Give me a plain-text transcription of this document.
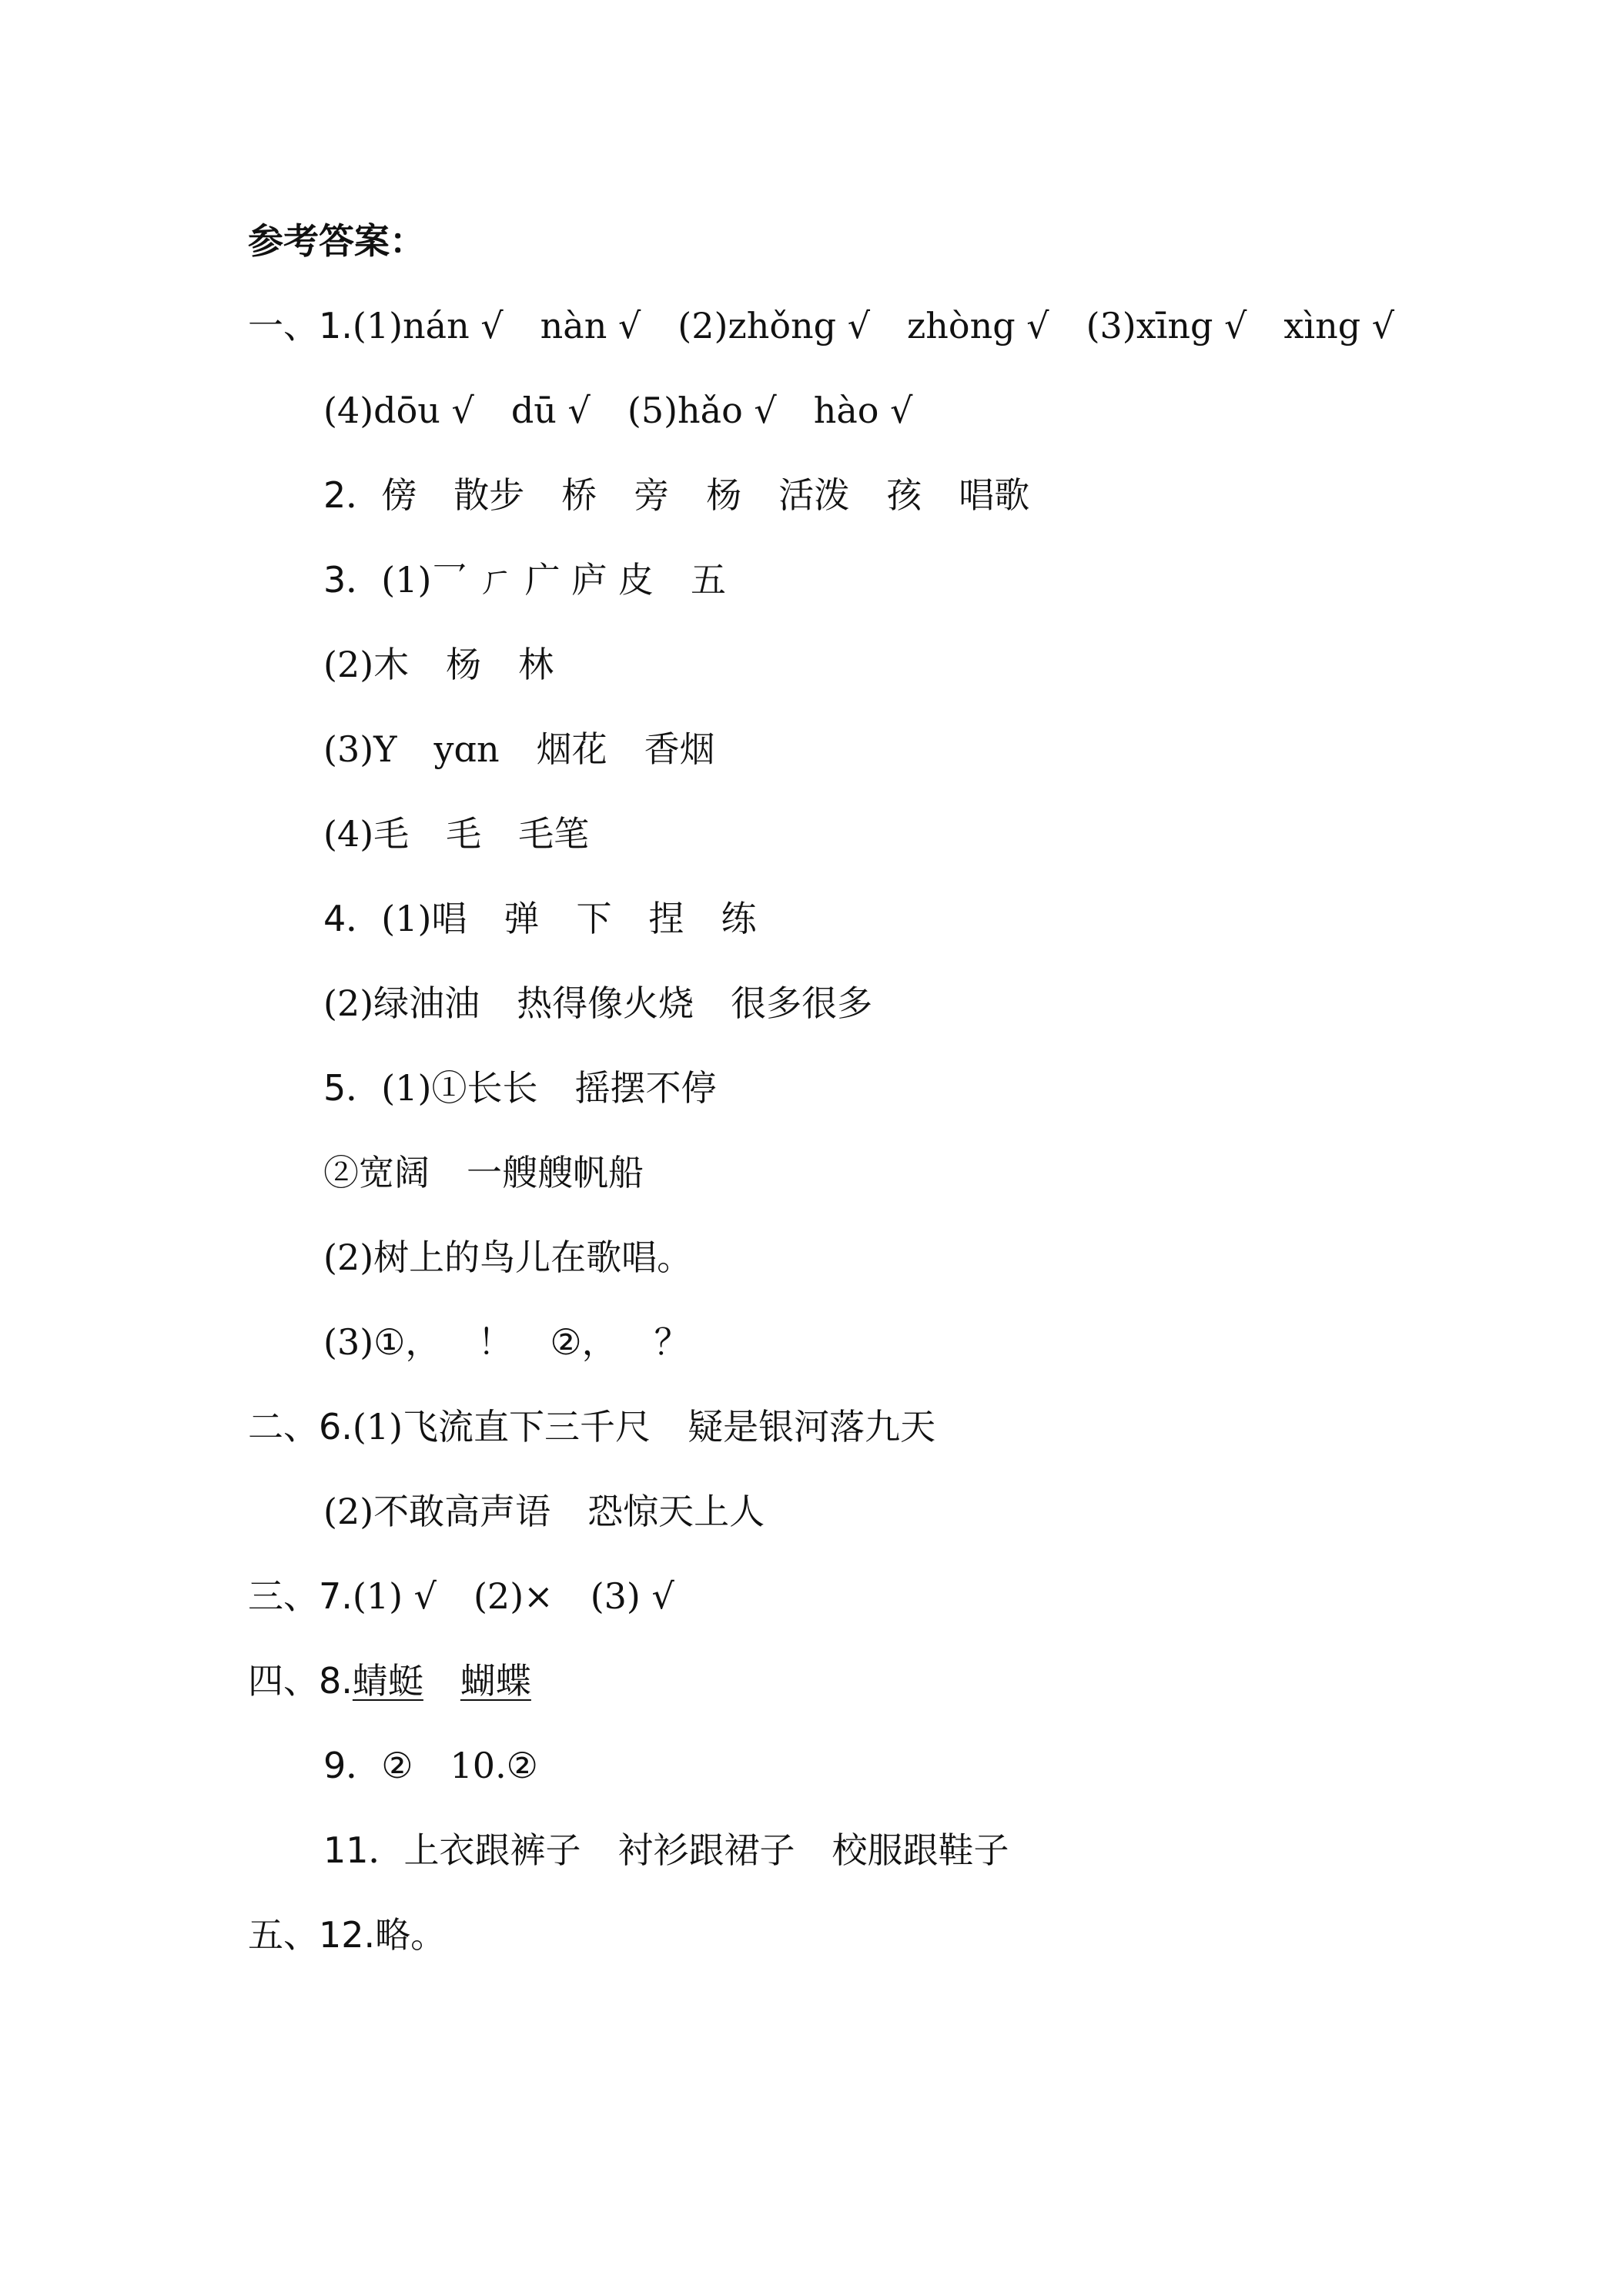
参考答案：
一、1.(1)nán √ nàn √ (2)zhǒng √ zhòng √ (3)xīng √ xìng √
(4)dōu √ dū √ (5)hǎo √ hào √
2．傍 散步 桥 旁 杨 活泼 孩 唱歌
3．(1)乛 ㄏ 广 庐 皮 五
(2)木 杨 林
(3)Y yɑn 烟花 香烟
(4)毛 毛 毛笔
4．(1)唱 弹 下 捏 练
(2)绿油油 热得像火烧 很多很多
5．(1)①长长 摇摆不停
②宽阔 一艘艘帆船
(2)树上的鸟儿在歌唱。
(3)①， ！ ②， ？
二、6.(1)飞流直下三千尺 疑是银河落九天
(2)不敢高声语 恐惊天上人
三、7.(1) √ (2)× (3) √
四、8.蜻蜓 蝴蝶
9．② 10.②
11．上衣跟裤子 衬衫跟裙子 校服跟鞋子
五、12.略。
